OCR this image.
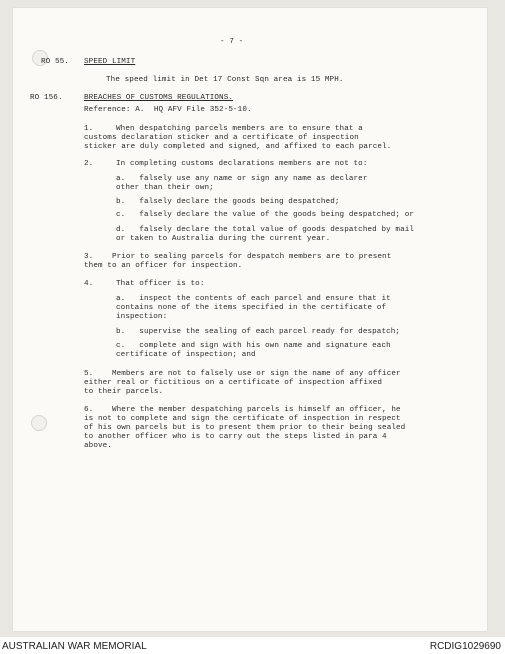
- 7 -
RO 55. SPEED LIMIT
The speed limit in Det 17 Const Sqn area is 15 MPH.
RO 156.	BREACHES OF CUSTOMS REGULATIONS.
Reference: A.  HQ AFV File 352-5-10.
1.	When despatching parcels members are to ensure that a
customs declaration sticker and a certificate of inspection
sticker are duly completed and signed, and affixed to each parcel.
2.	In completing customs declarations members are not to:
a.   falsely use any name or sign any name as declarer
other than their own;
b.   falsely declare the goods being despatched;
c.   falsely declare the value of the goods being despatched; or
d.   falsely declare the total value of goods despatched by mail
or taken to Australia during the current year.
3.    Prior to sealing parcels for despatch members are to present
them to an officer for inspection.
4.	That officer is to:
a.   inspect the contents of each parcel and ensure that it
contains none of the items specified in the certificate of
inspection:
b.   supervise the sealing of each parcel ready for despatch;
c.   complete and sign with his own name and signature each
certificate of inspection; and
5.    Members are not to falsely use or sign the name of any officer
either real or fictitious on a certificate of inspection affixed
to their parcels.
6.    Where the member despatching parcels is himself an officer, he
is not to complete and sign the certificate of inspection in respect
of his own parcels but is to present them prior to their being sealed
to another officer who is to carry out the steps listed in para 4
above.
AUSTRALIAN WAR MEMORIAL	RCDIG1029690
